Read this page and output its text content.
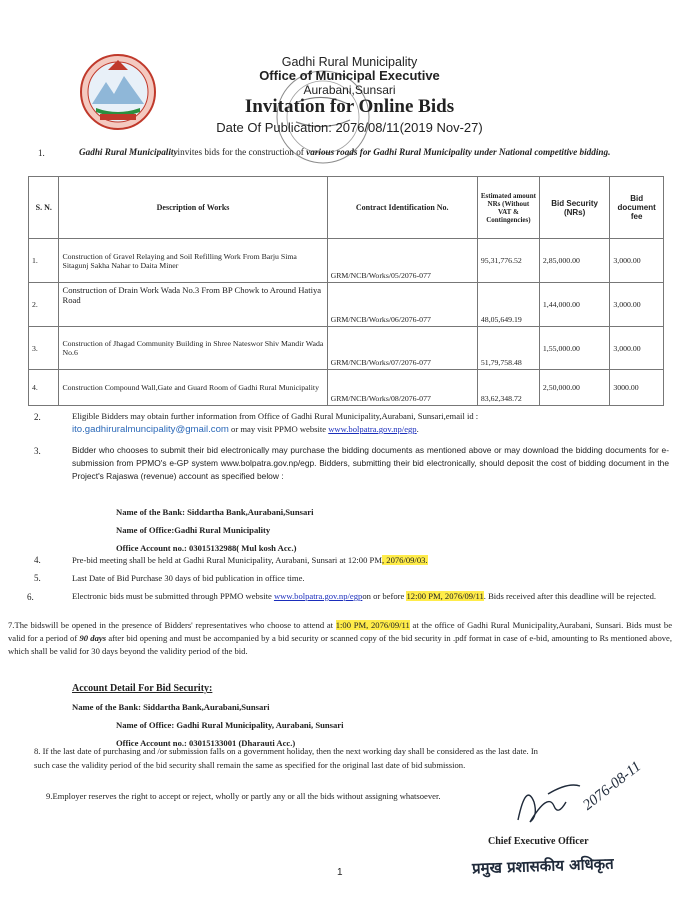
Gadhi Rural Municipality
Office of Municipal Executive
Aurabani,Sunsari
Invitation for Online Bids
Date Of Publication: 2076/08/11(2019 Nov-27)
1.	Gadhi Rural Municipalityinvites bids for the construction of various roads for Gadhi Rural Municipality under National competitive bidding.

S. N.	Description of Works	Contract Identification No.	Estimated amount NRs (Without VAT & Contingencies)	Bid Security (NRs)	Bid document fee
1.	Construction of Gravel Relaying and Soil Refilling Work From Barju Sima Sitagunj Sakha Nahar to Daita Miner	GRM/NCB/Works/05/2076-077	95,31,776.52	2,85,000.00	3,000.00
2.	Construction of Drain Work Wada No.3 From BP Chowk to Around Hatiya Road	GRM/NCB/Works/06/2076-077	48,05,649.19	1,44,000.00	3,000.00
3.	Construction of Jhagad Community Building in Shree Nateswor Shiv Mandir Wada No.6	GRM/NCB/Works/07/2076-077	51,79,758.48	1,55,000.00	3,000.00
4.	Construction Compound Wall,Gate and Guard Room of Gadhi Rural Municipality	GRM/NCB/Works/08/2076-077	83,62,348.72	2,50,000.00	3000.00
2.	Eligible Bidders may obtain further information from Office of Gadhi Rural Municipality,Aurabani, Sunsari,email id :
ito.gadhiruralmuncipality@gmail.com or may visit PPMO website www.bolpatra.gov.np/egp.

3.	Bidder who chooses to submit their bid electronically may purchase the bidding documents as mentioned above or may download the bidding documents for e-submission from PPMO's e-GP system www.bolpatra.gov.np/egp. Bidders, submitting their bid electronically, should deposit the cost of bidding document in the Project's Rajaswa (revenue) account as specified below :

Name of the Bank: Siddartha Bank,Aurabani,Sunsari

Name of Office:Gadhi Rural Municipality

Office Account no.: 03015132988( Mul kosh Acc.)

4.	Pre-bid meeting shall be held at Gadhi Rural Municipality, Aurabani, Sunsari at 12:00 PM, 2076/09/03.

5.	Last Date of Bid Purchase 30 days of bid publication in office time.

6.	Electronic bids must be submitted through PPMO website www.bolpatra.gov.np/egpon or before 12:00 PM, 2076/09/11. Bids received after this deadline will be rejected.

7.The bidswill be opened in the presence of Bidders' representatives who choose to attend at 1:00 PM, 2076/09/11 at the office of Gadhi Rural Municipality,Aurabani, Sunsari. Bids must be valid for a period of 90 days after bid opening and must be accompanied by a bid security or scanned copy of the bid security in .pdf format in case of e-bid, amounting to Rs mentioned above, which shall be valid for 30 days beyond the validity period of the bid.

Account Detail For Bid Security:

Name of the Bank: Siddartha Bank,Aurabani,Sunsari

Name of Office: Gadhi Rural Municipality, Aurabani, Sunsari

Office Account no.: 03015133001 (Dharauti Acc.)

8. If the last date of purchasing and /or submission falls on a government holiday, then the next working day shall be considered as the last date. In such case the validity period of the bid security shall remain the same as specified for the original last date of bid submission.

9.Employer reserves the right to accept or reject, wholly or partly any or all the bids without assigning whatsoever.	2076-08-11
Chief Executive Officer
प्रमुख प्रशासकीय अधिकृत
1
